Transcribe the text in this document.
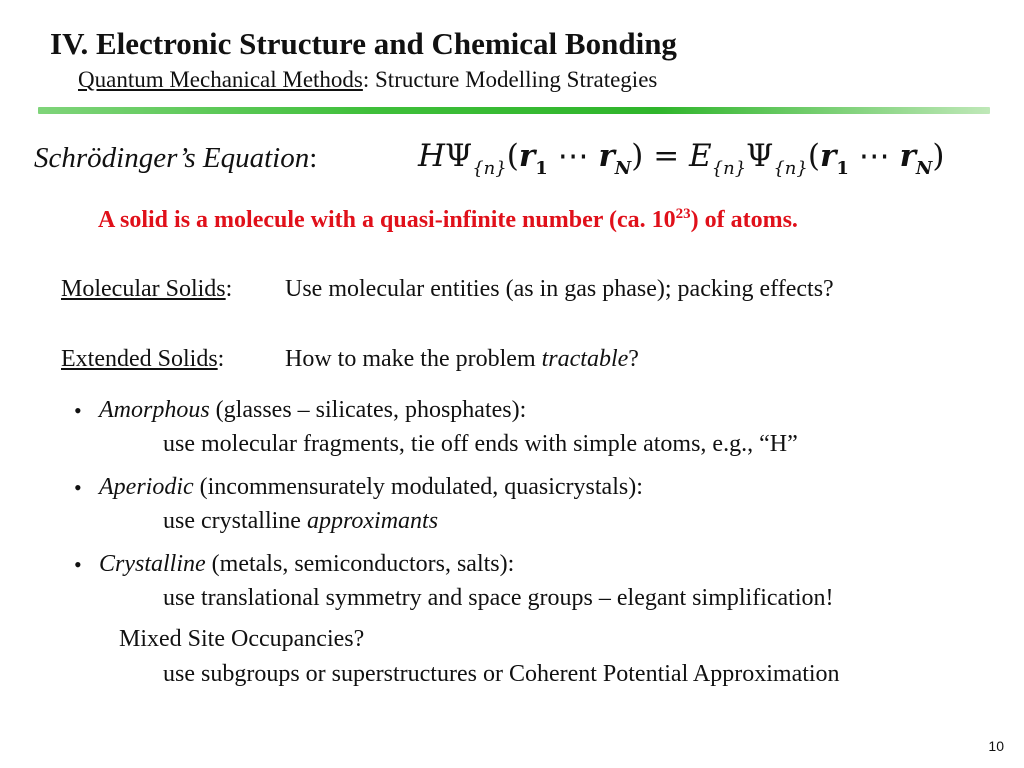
IV. Electronic Structure and Chemical Bonding
Quantum Mechanical Methods: Structure Modelling Strategies
Schrödinger’s Equation:	$H\Psi_{\{n\}}(r_1$ ⋯ $r_N) = E_{\{n\}}\Psi_{\{n\}}(r_1$ ⋯ $r_N$)
A solid is a molecule with a quasi-infinite number (ca. $10^{23}$) of atoms.
Molecular Solids: Use molecular entities (as in gas phase); packing effects?
Extended Solids:	How to make the problem tractable?
• Amorphous (glasses – silicates, phosphates):
use molecular fragments, tie off ends with simple atoms, e.g., “H”
• Aperiodic (incommensurately modulated, quasicrystals):
use crystalline approximants
• Crystalline (metals, semiconductors, salts):
use translational symmetry and space groups – elegant simplification!
Mixed Site Occupancies?
use subgroups or superstructures or Coherent Potential Approximation
10
